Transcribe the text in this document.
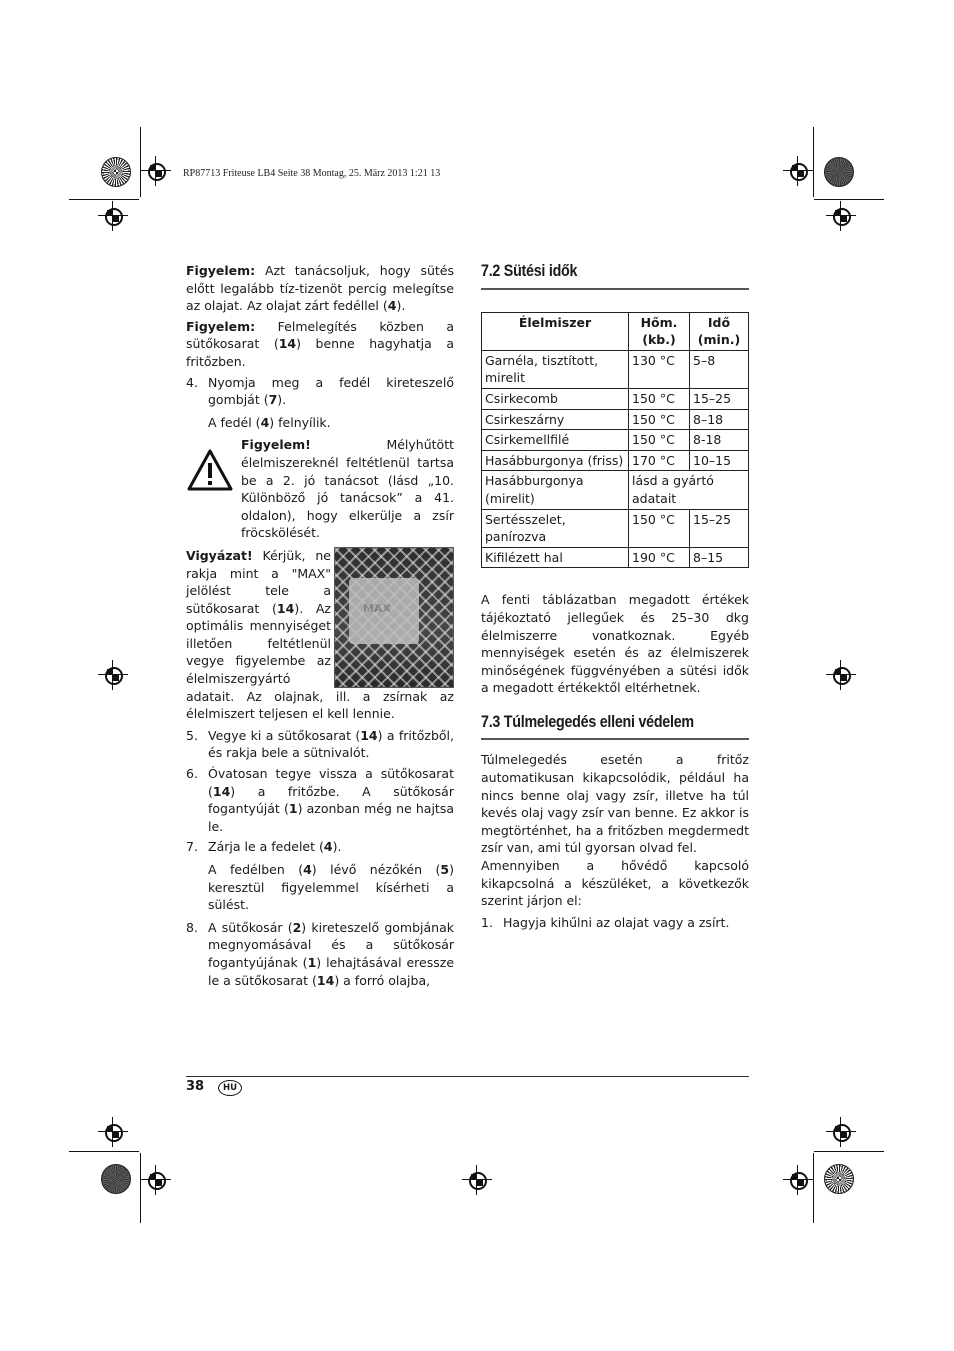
RP87713 Friteuse LB4 Seite 38 Montag, 25. März 2013 1:21 13

Figyelem: Azt tanácsoljuk, hogy sütés előtt legalább tíz-tizenöt percig melegítse az olajat. Az olajat zárt fedéllel (4).

Figyelem: Felmelegítés közben a sütőkosarat (14) benne hagyhatja a fritőzben.

4. Nyomja meg a fedél kireteszelő gombját (7).

A fedél (4) felnyílik.

Figyelem! Mélyhűtött élelmiszereknél feltétlenül tartsa be a 2. jó tanácsot (lásd „10. Különböző jó tanácsok” a 41. oldalon), hogy elkerülje a zsír fröcskölését.

MAX

Vigyázat! Kérjük, ne rakja mint a "MAX" jelölést tele a sütőkosarat (14). Az optimális mennyiséget illetően feltétlenül vegye figyelembe az élelmiszergyártó adatait. Az olajnak, ill. a zsírnak az élelmiszert teljesen el kell lennie.

5. Vegye ki a sütőkosarat (14) a fritőzből, és rakja bele a sütnivalót.
6. Óvatosan tegye vissza a sütőkosarat (14) a fritőzbe. A sütőkosár fogantyúját (1) azonban még ne hajtsa le.
7. Zárja le a fedelet (4).

A fedélben (4) lévő nézőkén (5) keresztül figyelemmel kísérheti a sülést.

8. A sütőkosár (2) kireteszelő gombjának megnyomásával és a sütőkosár fogantyújának (1) lehajtásával eressze le a sütőkosarat (14) a forró olajba,
7.2 Sütési idők
Élelmiszer	Hőm. (kb.)	Idő (min.)
Garnéla, tisztított, mirelit	130 °C	5–8
Csirkecomb	150 °C	15–25
Csirkeszárny	150 °C	8–18
Csirkemellfilé	150 °C	8-18
Hasábburgonya (friss)	170 °C	10–15
Hasábburgonya (mirelit)	lásd a gyártó adatait	
Sertésszelet, panírozva	150 °C	15–25
Kifilézett hal	190 °C	8–15

A fenti táblázatban megadott értékek tájékoztató jellegűek és 25–30 dkg élelmiszerre vonatkoznak. Egyéb mennyiségek esetén és az élelmiszerek minőségének függvényében a sütési idők a megadott értékektől eltérhetnek.

7.3 Túlmelegedés elleni védelem

Túlmelegedés esetén a fritőz automatikusan kikapcsolódik, például ha nincs benne olaj vagy zsír, illetve ha túl kevés olaj vagy zsír van benne. Ez akkor is megtörténhet, ha a fritőzben megdermedt zsír van, ami túl gyorsan olvad fel.

Amennyiben a hővédő kapcsoló kikapcsolná a készüléket, a következők szerint járjon el:

1. Hagyja kihűlni az olajat vagy a zsírt.
38	HU
